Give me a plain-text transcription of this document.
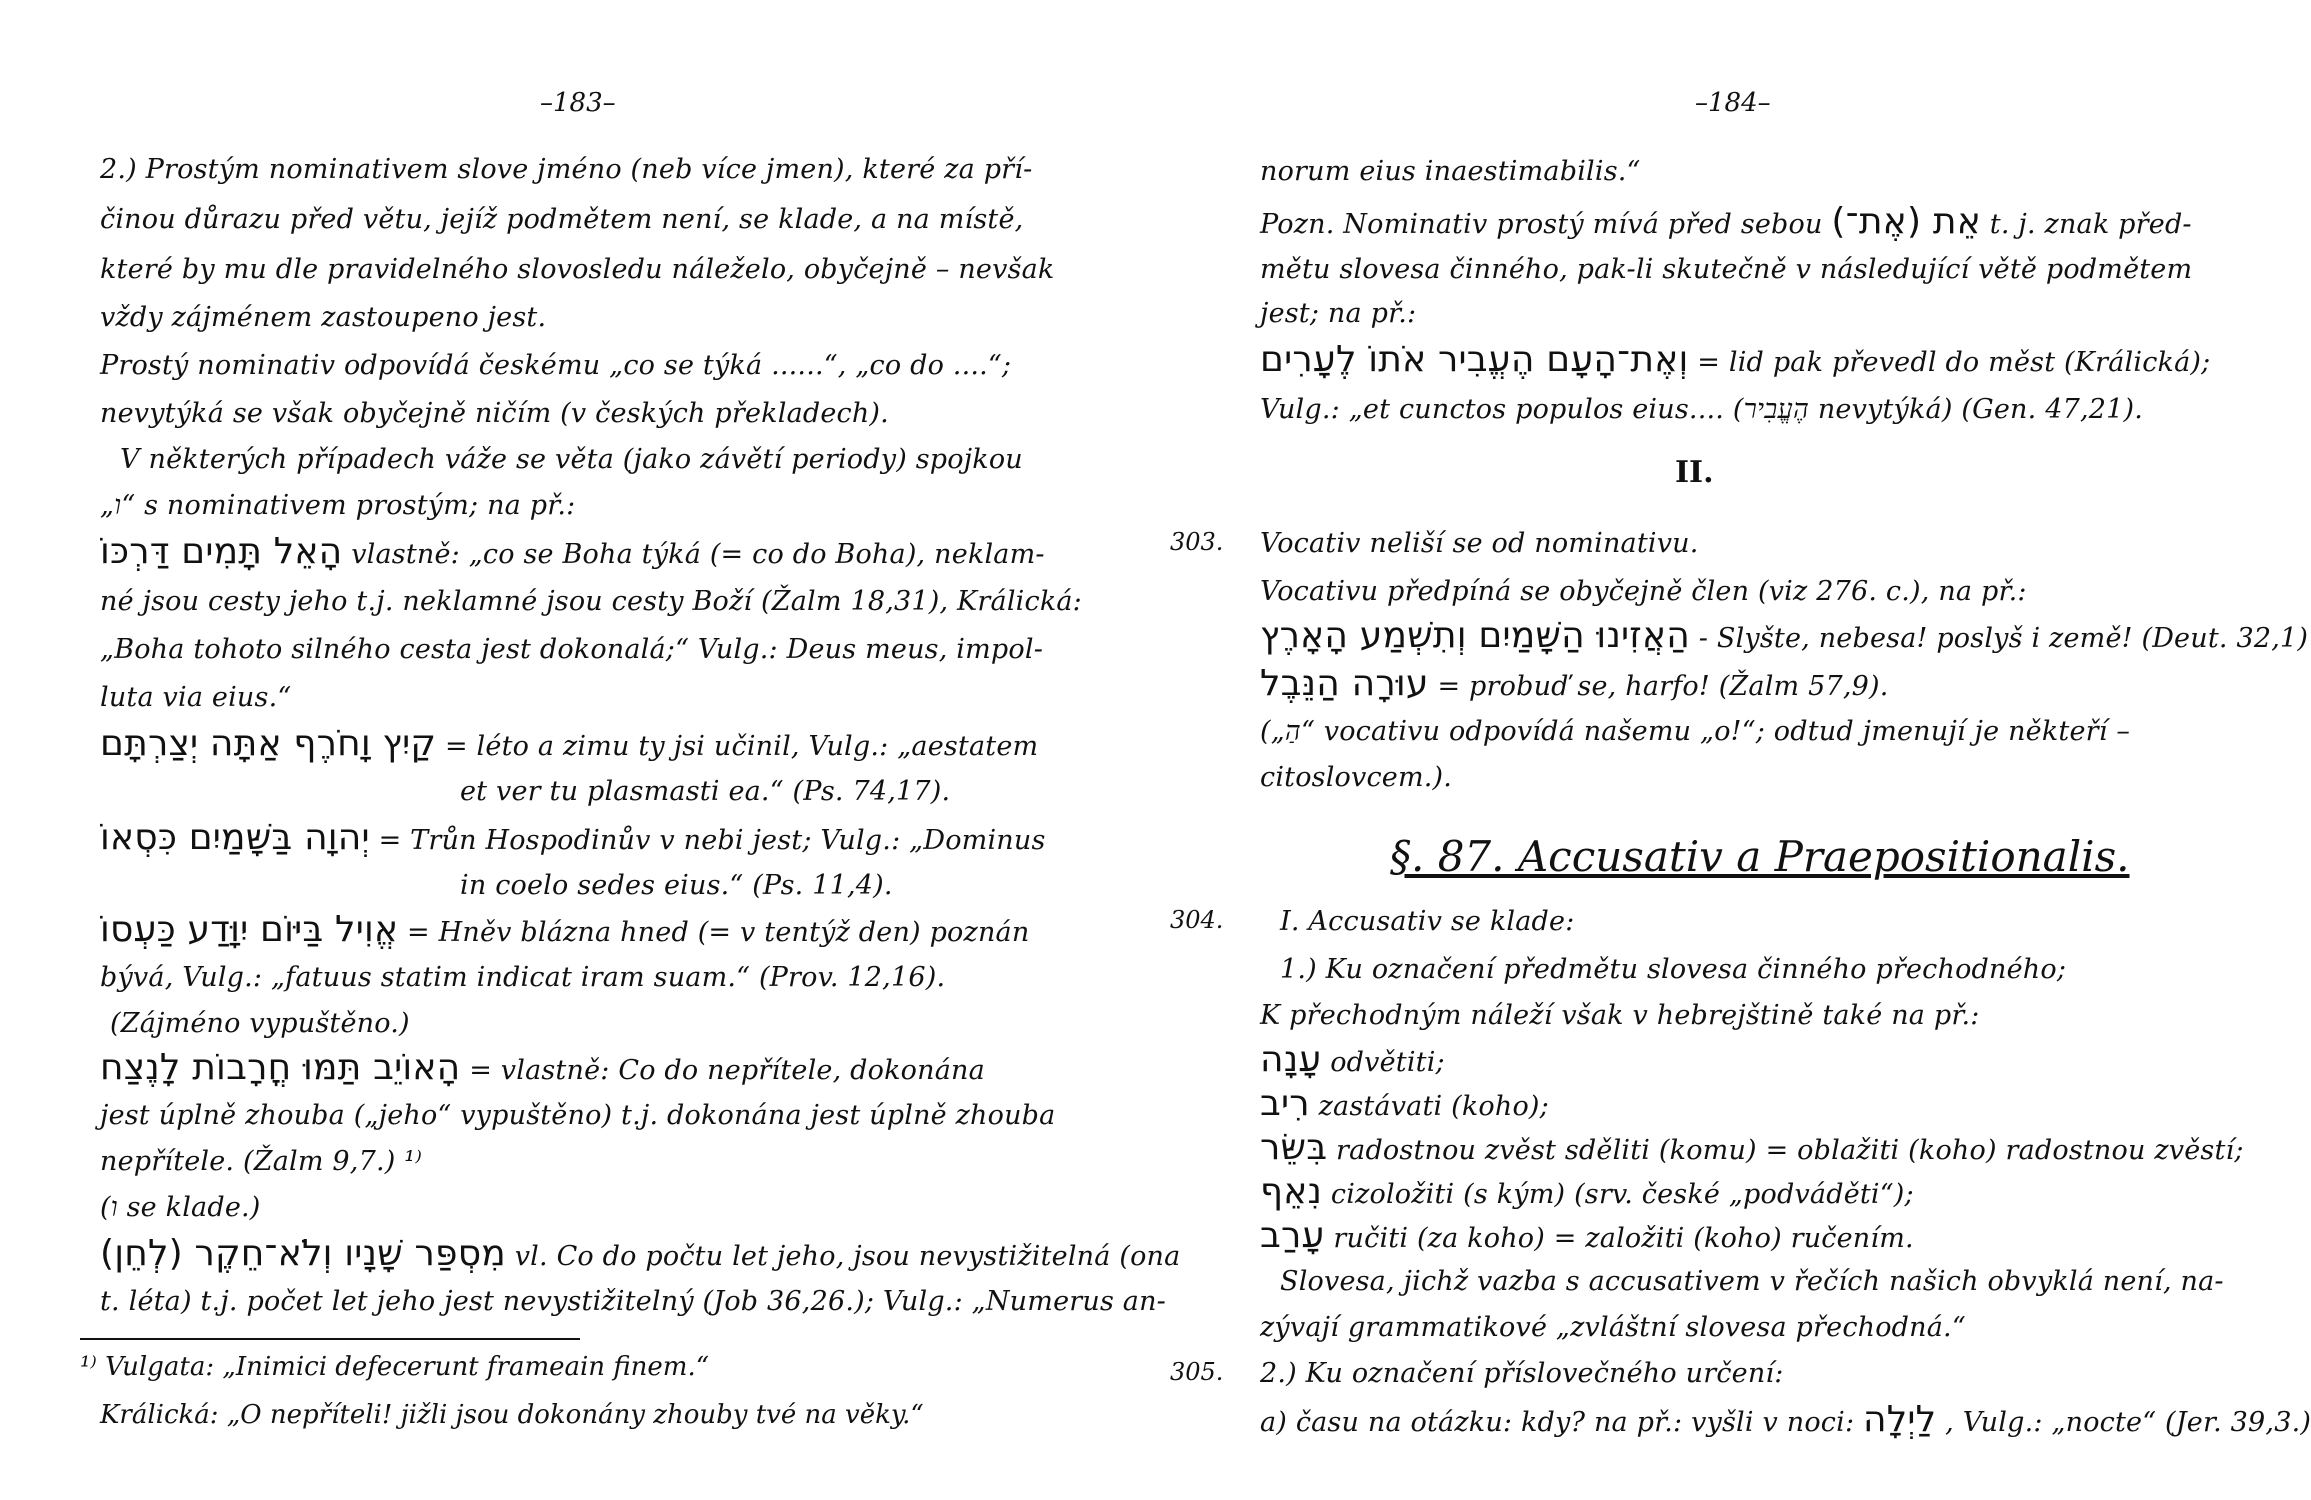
–183–
2.) Prostým nominativem slove jméno (neb více jmen), které za pří-
činou důrazu před větu, jejíž podmětem není, se klade, a na místě,
které by mu dle pravidelného slovosledu náleželo, obyčejně – nevšak
vždy zájménem zastoupeno jest.
Prostý nominativ odpovídá českému „co se týká ......“, „co do ....“;
nevytýká se však obyčejně ničím (v českých překladech).
V některých případech váže se věta (jako závětí periody) spojkou
„ו“ s nominativem prostým; na př.:
הָאֵל תָּמִים דַּרְכּוֹ vlastně: „co se Boha týká (= co do Boha), neklam-
né jsou cesty jeho t.j. neklamné jsou cesty Boží (Žalm 18,31), Králická:
„Boha tohoto silného cesta jest dokonalá;“ Vulg.: Deus meus, impol-
luta via eius.“
קַיִץ וָחֹרֶף אַתָּה יְצַרְתָּם = léto a zimu ty jsi učinil, Vulg.: „aestatem
et ver tu plasmasti ea.“ (Ps. 74,17).
יְהוָה בַּשָּׁמַיִם כִּסְאוֹ = Trůn Hospodinův v nebi jest; Vulg.: „Dominus
in coelo sedes eius.“ (Ps. 11,4).
אֱוִיל בַּיּוֹם יִוָּדַע כַּעְסוֹ = Hněv blázna hned (= v tentýž den) poznán
bývá, Vulg.: „fatuus statim indicat iram suam.“ (Prov. 12,16).
(Zájméno vypuštěno.)
הָאוֹיֵב תַּמּוּ חֳרָבוֹת לָנֶצַח = vlastně: Co do nepřítele, dokonána
jest úplně zhouba („jeho“ vypuštěno) t.j. dokonána jest úplně zhouba
nepřítele. (Žalm 9,7.) ¹⁾
(ו se klade.)
מִסְפַּר שָׁנָיו וְלֹא־חֵקֶר (לְחֵן) vl. Co do počtu let jeho, jsou nevystižitelná (ona
t. léta) t.j. počet let jeho jest nevystižitelný (Job 36,26.); Vulg.: „Numerus an-
¹⁾ Vulgata: „Inimici defecerunt frameain finem.“
Králická: „O nepříteli! jižli jsou dokonány zhouby tvé na věky.“
–184–
norum eius inaestimabilis.“
Pozn. Nominativ prostý mívá před sebou אֵת (אֶת־) t. j. znak před-
mětu slovesa činného, pak-li skutečně v následující větě podmětem
jest; na př.:
וְאֶת־הָעָם הֶעֱבִיר אֹתוֹ לֶעָרִים = lid pak převedl do měst (Králická);
Vulg.: „et cunctos populos eius.... (הֶעֱבִיר nevytýká) (Gen. 47,21).
II.
303. Vocativ neliší se od nominativu.
Vocativu předpíná se obyčejně člen (viz 276. c.), na př.:
הַאֲזִינוּ הַשָּׁמַיִם וְתִשְׁמַע הָאָרֶץ - Slyšte, nebesa! poslyš i země! (Deut. 32,1)
עוּרָה הַנֵּבֶל = probuď se, harfo! (Žalm 57,9).
(„הַ“ vocativu odpovídá našemu „o!“; odtud jmenují je někteří –
citoslovcem.).
§. 87. Accusativ a Praepositionalis.
304. I. Accusativ se klade:
1.) Ku označení předmětu slovesa činného přechodného;
K přechodným náleží však v hebrejštině také na př.:
עָנָה odvětiti;
רִיב zastávati (koho);
בִּשֵּׂר radostnou zvěst sděliti (komu) = oblažiti (koho) radostnou zvěstí;
נִאֵף cizoložiti (s kým) (srv. české „podváděti“);
עָרַב ručiti (za koho) = založiti (koho) ručením.
Slovesa, jichž vazba s accusativem v řečích našich obvyklá není, na-
zývají grammatikové „zvláštní slovesa přechodná.“
305. 2.) Ku označení příslovečného určení:
a) času na otázku: kdy? na př.: vyšli v noci: לַיְלָה , Vulg.: „nocte“ (Jer. 39,3.)
